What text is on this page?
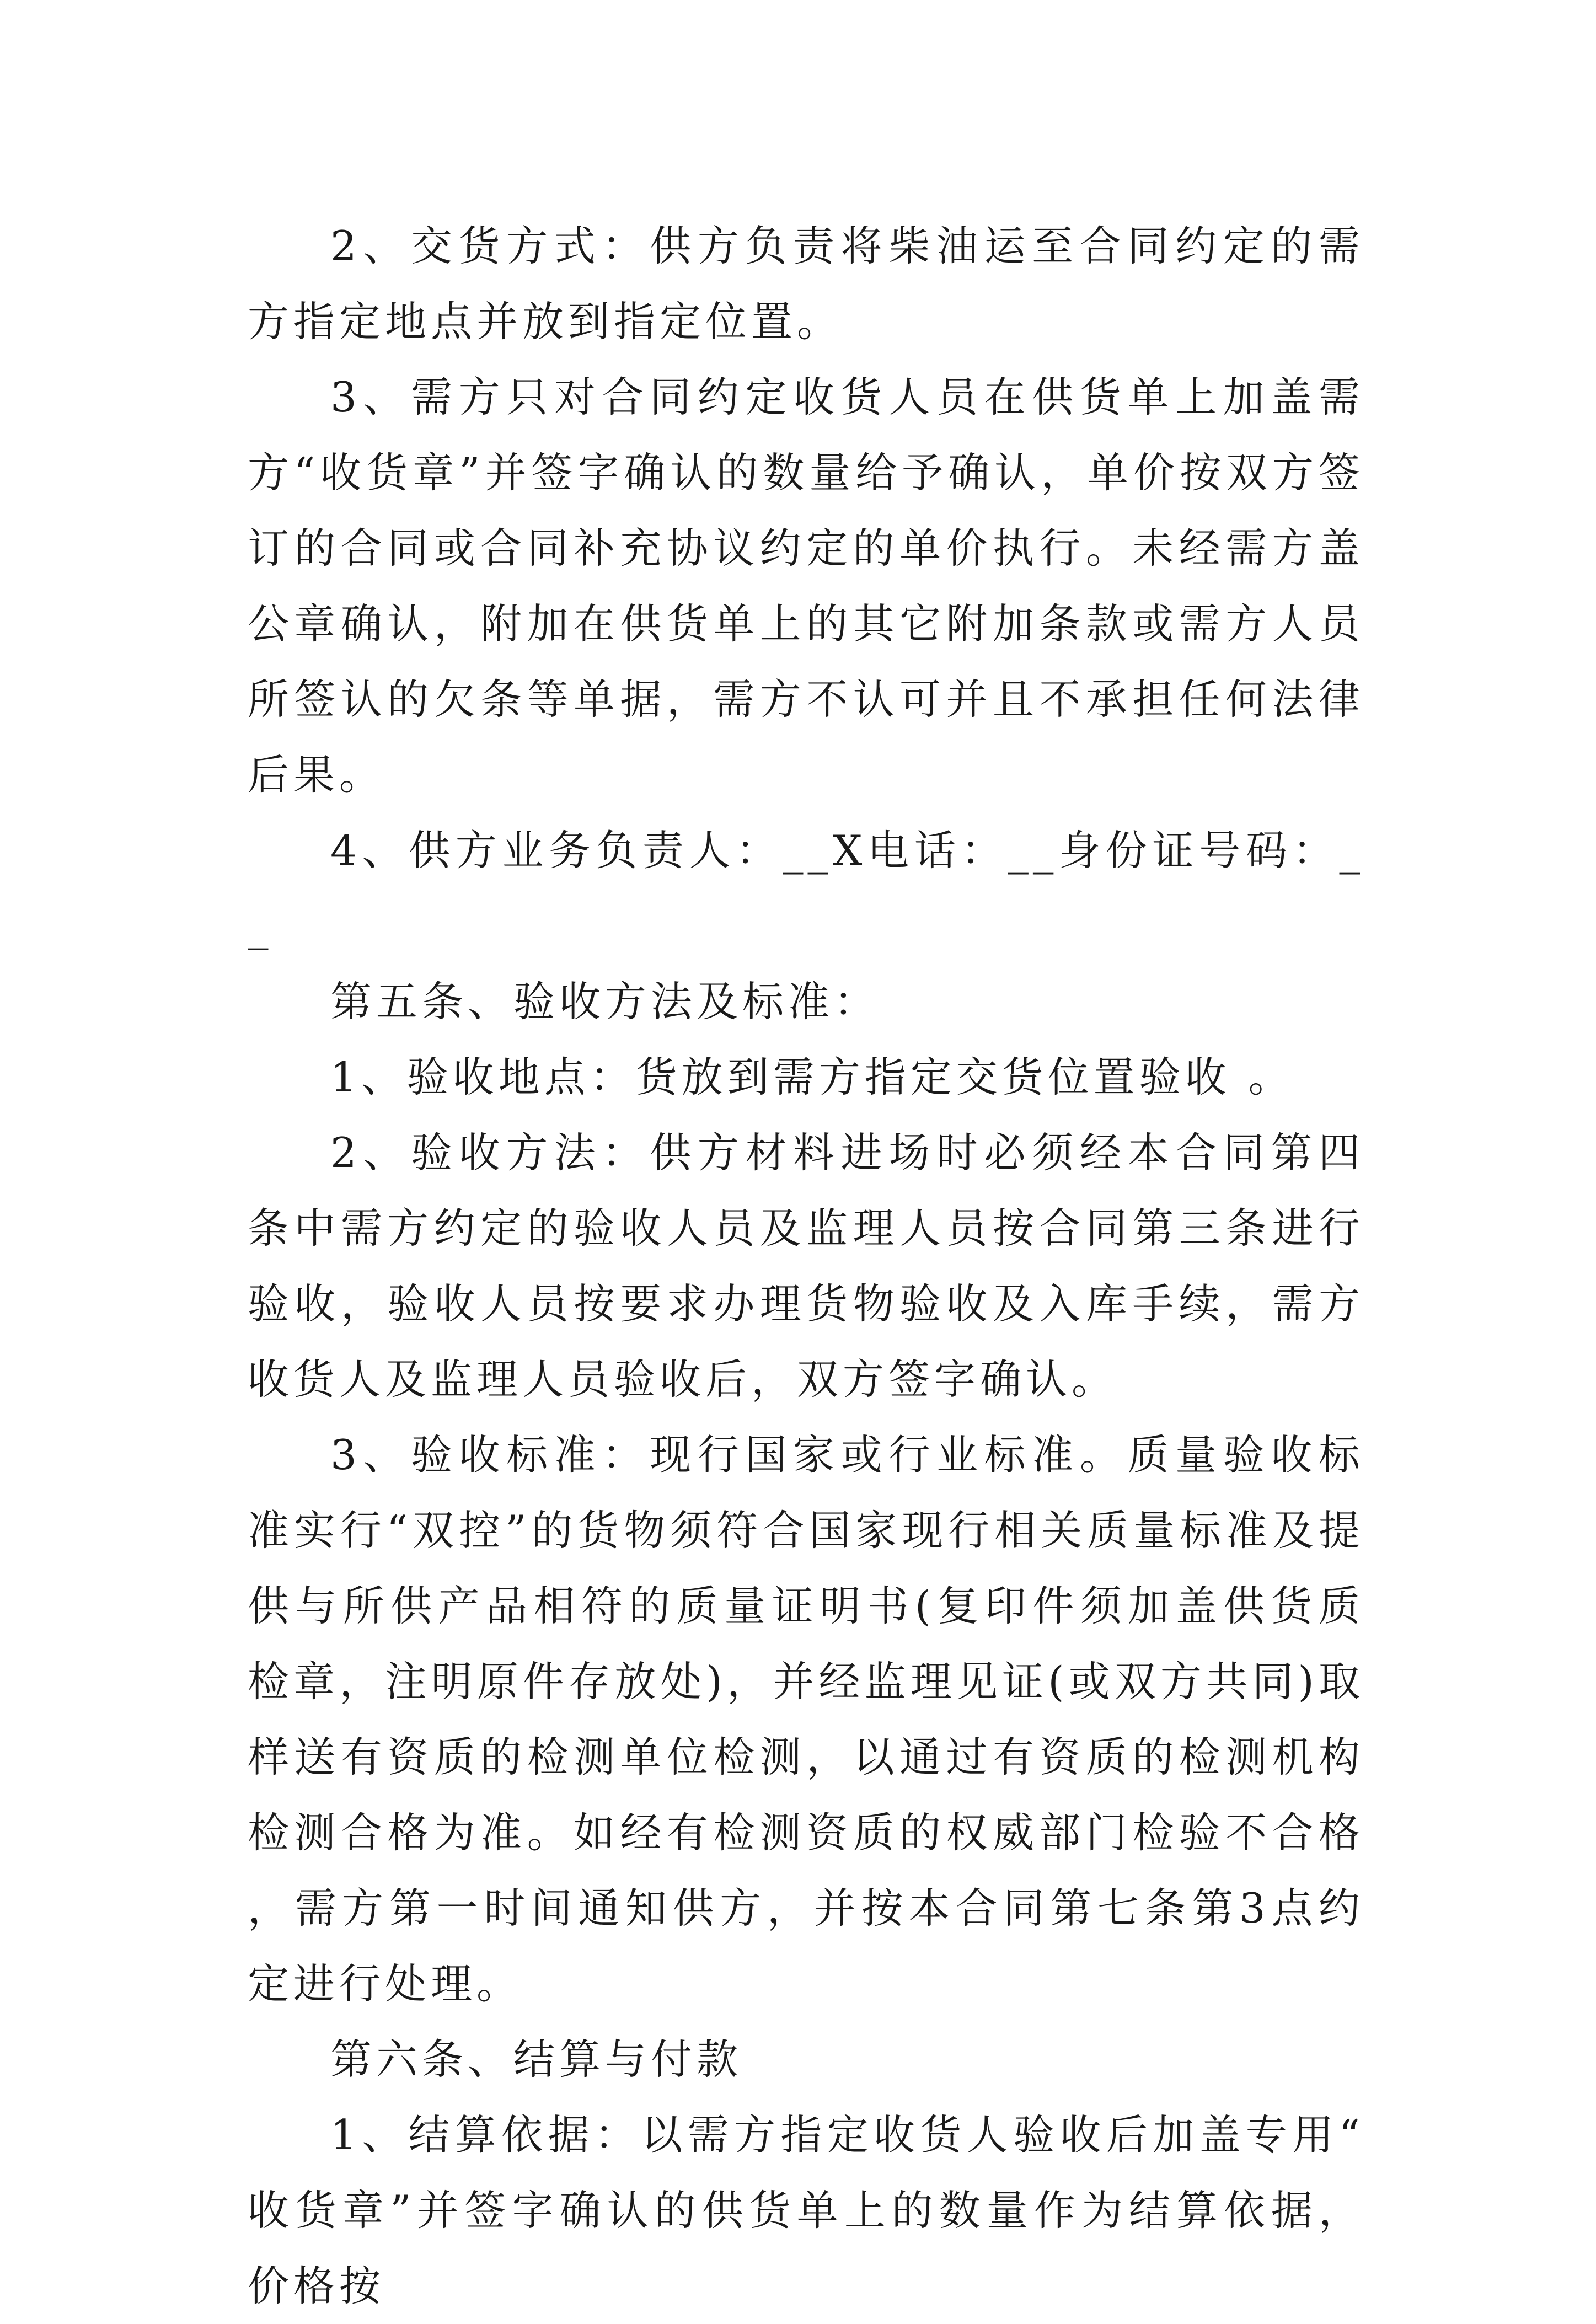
2、交货方式：供方负责将柴油运至合同约定的需方指定地点并放到指定位置。

3、需方只对合同约定收货人员在供货单上加盖需方“收货章”并签字确认的数量给予确认，单价按双方签订的合同或合同补充协议约定的单价执行。未经需方盖公章确认，附加在供货单上的其它附加条款或需方人员所签认的欠条等单据，需方不认可并且不承担任何法律后果。

4、供方业务负责人：__X电话：__身份证号码：__

第五条、验收方法及标准：

1、验收地点：货放到需方指定交货位置验收 。

2、验收方法：供方材料进场时必须经本合同第四条中需方约定的验收人员及监理人员按合同第三条进行验收，验收人员按要求办理货物验收及入库手续，需方收货人及监理人员验收后，双方签字确认。

3、验收标准：现行国家或行业标准。质量验收标准实行“双控”的货物须符合国家现行相关质量标准及提供与所供产品相符的质量证明书(复印件须加盖供货质检章，注明原件存放处)，并经监理见证(或双方共同)取样送有资质的检测单位检测，以通过有资质的检测机构检测合格为准。如经有检测资质的权威部门检验不合格，需方第一时间通知供方，并按本合同第七条第3点约定进行处理。

第六条、结算与付款

1、结算依据：以需方指定收货人验收后加盖专用“收货章”并签字确认的供货单上的数量作为结算依据，价格按
